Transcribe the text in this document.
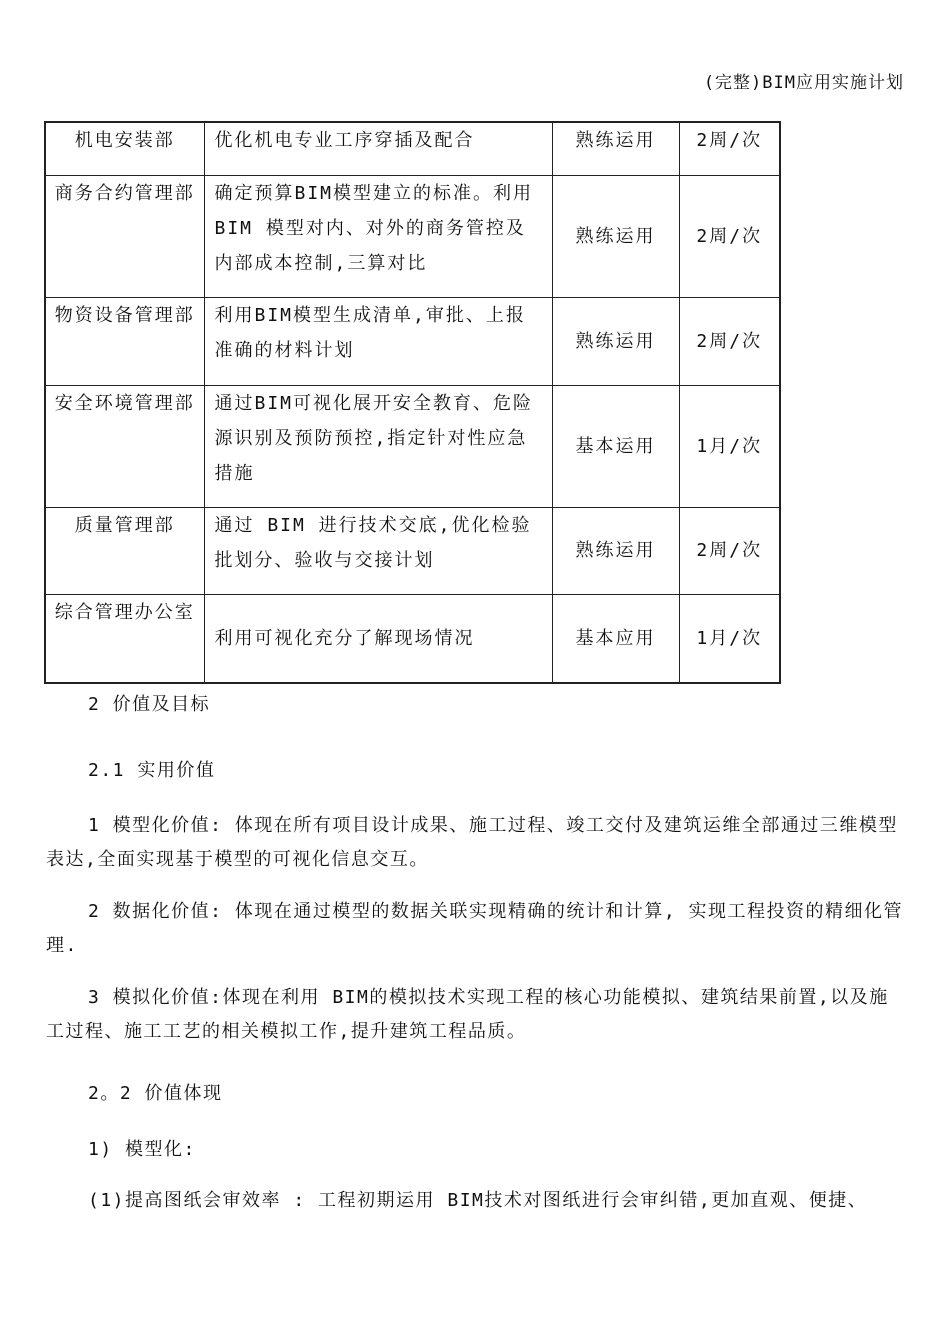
(完整)BIM应用实施计划
机电安装部	优化机电专业工序穿插及配合	熟练运用	2周/次
商务合约管理部	确定预算BIM模型建立的标准。利用BIM 模型对内、对外的商务管控及内部成本控制,三算对比	熟练运用	2周/次
物资设备管理部	利用BIM模型生成清单,审批、上报准确的材料计划	熟练运用	2周/次
安全环境管理部	通过BIM可视化展开安全教育、危险源识别及预防预控,指定针对性应急措施	基本运用	1月/次
质量管理部	通过 BIM 进行技术交底,优化检验批划分、验收与交接计划	熟练运用	2周/次
综合管理办公室	利用可视化充分了解现场情况	基本应用	1月/次
2 价值及目标
2.1 实用价值
1 模型化价值: 体现在所有项目设计成果、施工过程、竣工交付及建筑运维全部通过三维模型表达,全面实现基于模型的可视化信息交互。
2 数据化价值: 体现在通过模型的数据关联实现精确的统计和计算, 实现工程投资的精细化管理.
3 模拟化价值:体现在利用 BIM的模拟技术实现工程的核心功能模拟、建筑结果前置,以及施工过程、施工工艺的相关模拟工作,提升建筑工程品质。
2。2 价值体现
1) 模型化:
(1)提高图纸会审效率 : 工程初期运用 BIM技术对图纸进行会审纠错,更加直观、便捷、
